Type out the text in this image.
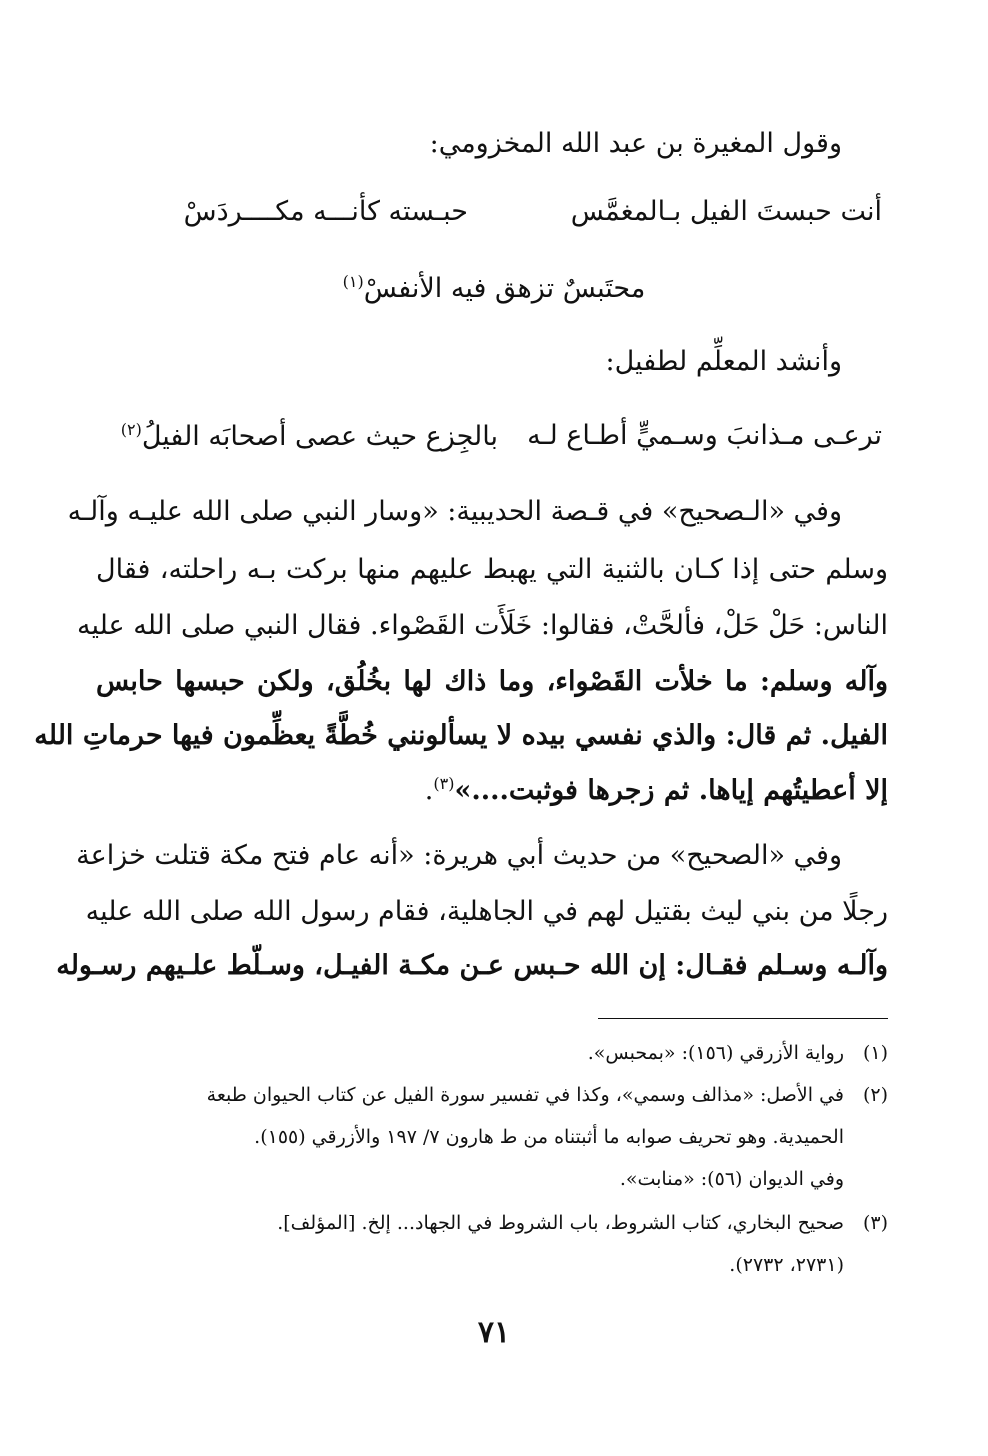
وقول المغيرة بن عبد الله المخزومي:
أنت حبستَ الفيل بـالمغمَّس
حبـسته كأنـــه مكــــردَسْ
محتَبسٌ تزهق فيه الأنفسْ$^{(١)}$
وأنشد المعلِّم لطفيل:
ترعـى مـذانبَ وسـميٍّ أطـاع لـه
بالجِزع حيث عصى أصحابَه الفيلُ$^{(٢)}$
وفي «الـصحيح» في قـصة الحديبية: «وسار النبي صلى الله عليـه وآلـه
وسلم حتى إذا كـان بالثنية التي يهبط عليهم منها بركت بـه راحلته، فقال
الناس: حَلْ حَلْ، فألحَّتْ، فقالوا: خَلَأَت القَصْواء. فقال النبي صلى الله عليه
وآله وسلم: ما خلأت القَصْواء، وما ذاك لها بخُلُق، ولكن حبسها حابس
الفيل. ثم قال: والذي نفسي بيده لا يسألونني خُطَّةً يعظِّمون فيها حرماتِ الله
إلا أعطيتُهم إياها. ثم زجرها فوثبت....»$^{(٣)}$.
وفي «الصحيح» من حديث أبي هريرة: «أنه عام فتح مكة قتلت خزاعة
رجلًا من بني ليث بقتيل لهم في الجاهلية، فقام رسول الله صلى الله عليه
وآلـه وسـلم فقـال: إن الله حـبس عـن مكـة الفيـل، وسـلّط علـيهم رسـوله
(١)رواية الأزرقي (١٥٦): «بمحبس».
(٢)في الأصل: «مذالف وسمي»، وكذا في تفسير سورة الفيل عن كتاب الحيوان طبعة
الحميدية. وهو تحريف صوابه ما أثبتناه من ط هارون ٧/ ١٩٧ والأزرقي (١٥٥).
وفي الديوان (٥٦): «منابت».
(٣)صحيح البخاري، كتاب الشروط، باب الشروط في الجهاد... إلخ. [المؤلف].
(٢٧٣١، ٢٧٣٢).
٧١
